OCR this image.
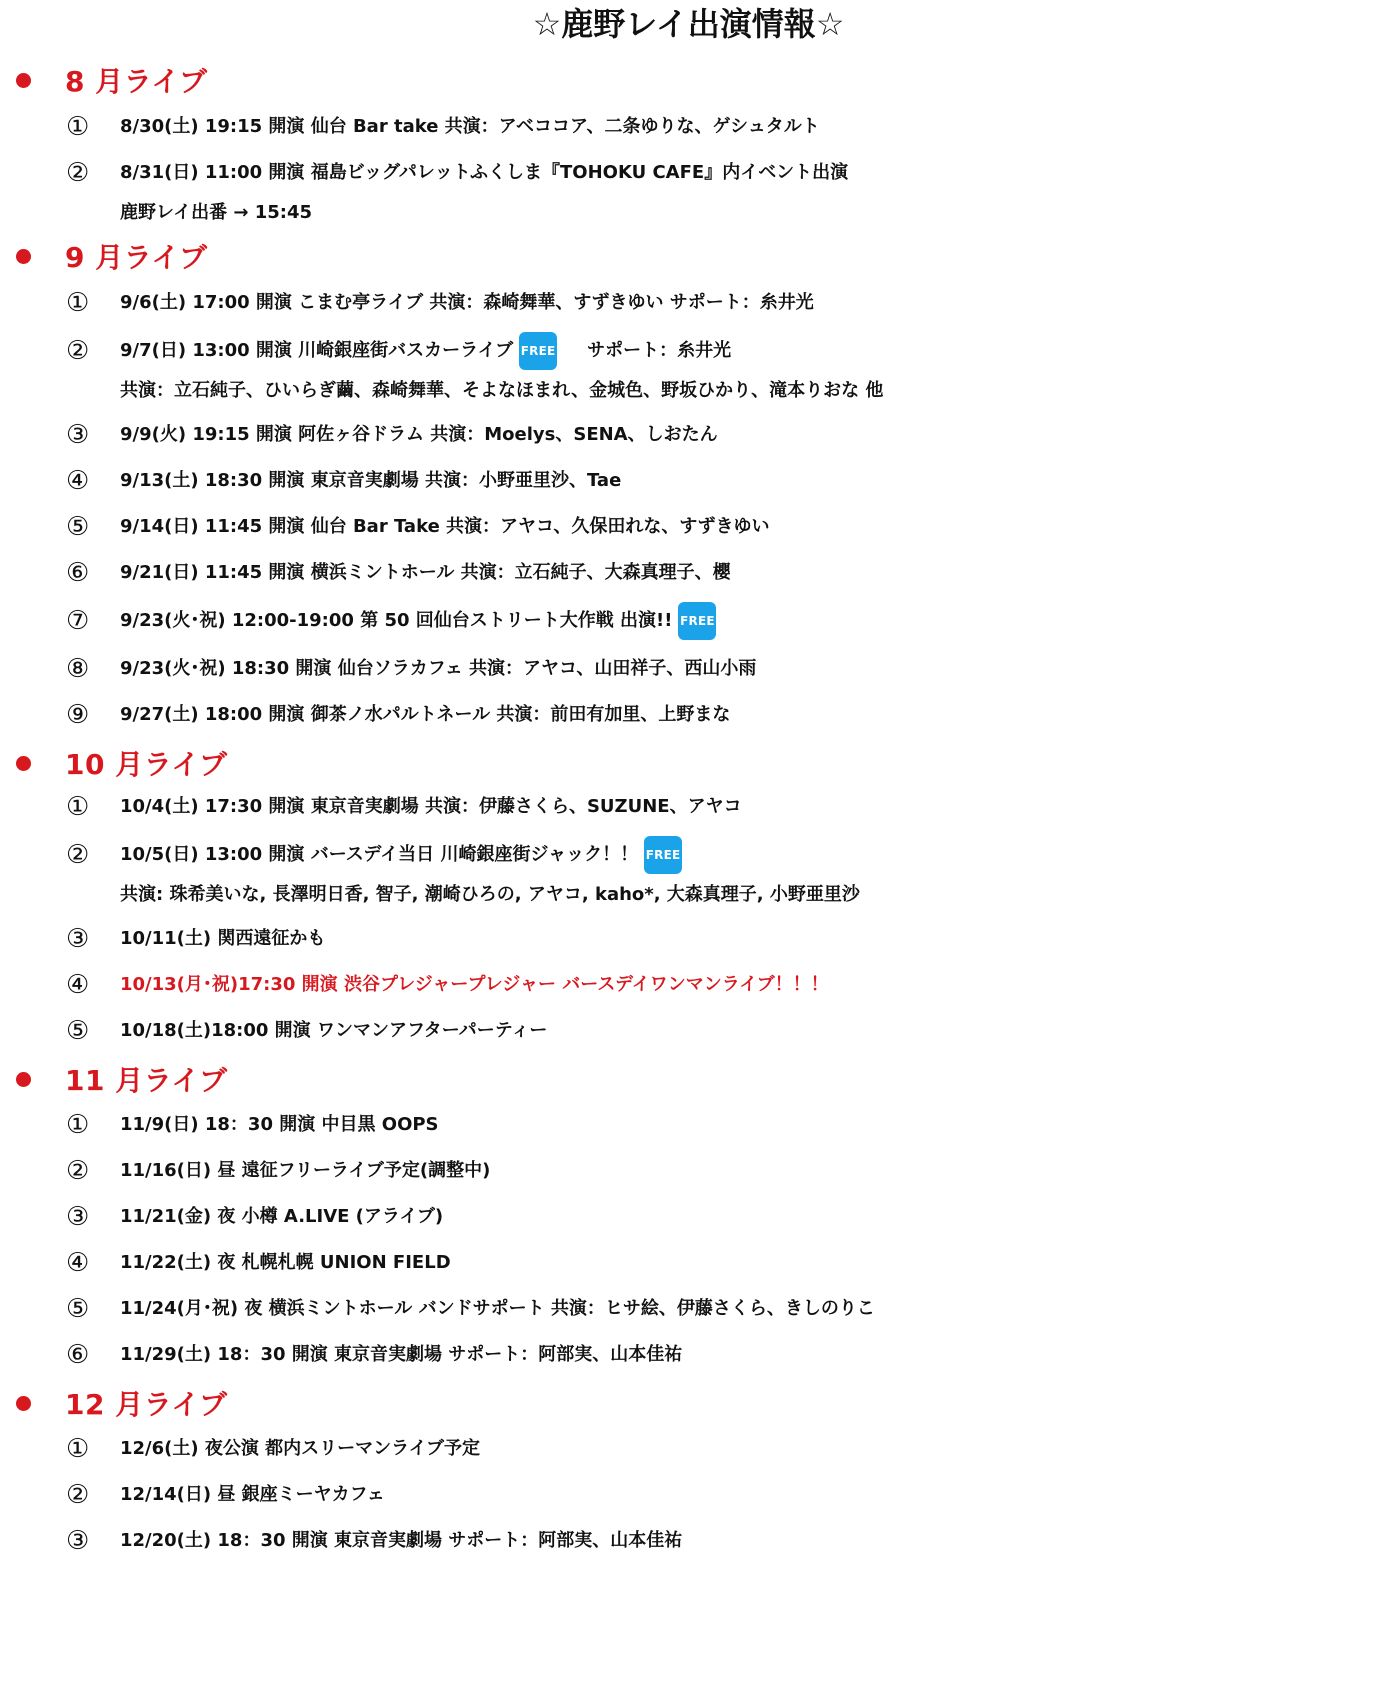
☆鹿野レイ出演情報☆
8 月ライブ
①	8/30(土) 19:15 開演 仙台 Bar take 共演：アベココア、二条ゆりな、ゲシュタルト
②	8/31(日) 11:00 開演 福島ビッグパレットふくしま『TOHOKU CAFE』内イベント出演
鹿野レイ出番 → 15:45
9 月ライブ
①	9/6(土) 17:00 開演 こまむ亭ライブ 共演：森崎舞華、すずきゆい サポート：糸井光
②	9/7(日) 13:00 開演 川崎銀座街バスカーライブ FREE サポート：糸井光
共演：立石純子、ひいらぎ繭、森崎舞華、そよなほまれ、金城色、野坂ひかり、滝本りおな 他
③	9/9(火) 19:15 開演 阿佐ヶ谷ドラム 共演：Moelys、SENA、しおたん
④	9/13(土) 18:30 開演 東京音実劇場 共演：小野亜里沙、Tae
⑤	9/14(日) 11:45 開演 仙台 Bar Take 共演：アヤコ、久保田れな、すずきゆい
⑥	9/21(日) 11:45 開演 横浜ミントホール 共演：立石純子、大森真理子、櫻
⑦	9/23(火･祝) 12:00-19:00 第 50 回仙台ストリート大作戦 出演!! FREE
⑧	9/23(火･祝) 18:30 開演 仙台ソラカフェ 共演：アヤコ、山田祥子、西山小雨
⑨	9/27(土) 18:00 開演 御茶ノ水パルトネール 共演：前田有加里、上野まな
10 月ライブ
①	10/4(土) 17:30 開演 東京音実劇場 共演：伊藤さくら、SUZUNE、アヤコ
②	10/5(日) 13:00 開演 バースデイ当日 川崎銀座街ジャック！！ FREE
共演: 珠希美いな, 長澤明日香, 智子, 潮崎ひろの, アヤコ, kaho*, 大森真理子, 小野亜里沙
③	10/11(土) 関西遠征かも
④	10/13(月･祝)17:30 開演 渋谷プレジャープレジャー バースデイワンマンライブ！！！
⑤	10/18(土)18:00 開演 ワンマンアフターパーティー
11 月ライブ
①	11/9(日) 18：30 開演 中目黒 OOPS
②	11/16(日) 昼 遠征フリーライブ予定(調整中)
③	11/21(金) 夜 小樽 A.LIVE (アライブ)
④	11/22(土) 夜 札幌札幌 UNION FIELD
⑤	11/24(月･祝) 夜 横浜ミントホール バンドサポート 共演：ヒサ絵、伊藤さくら、きしのりこ
⑥	11/29(土) 18：30 開演 東京音実劇場 サポート：阿部実、山本佳祐
12 月ライブ
①	12/6(土) 夜公演 都内スリーマンライブ予定
②	12/14(日) 昼 銀座ミーヤカフェ
③	12/20(土) 18：30 開演 東京音実劇場 サポート：阿部実、山本佳祐
